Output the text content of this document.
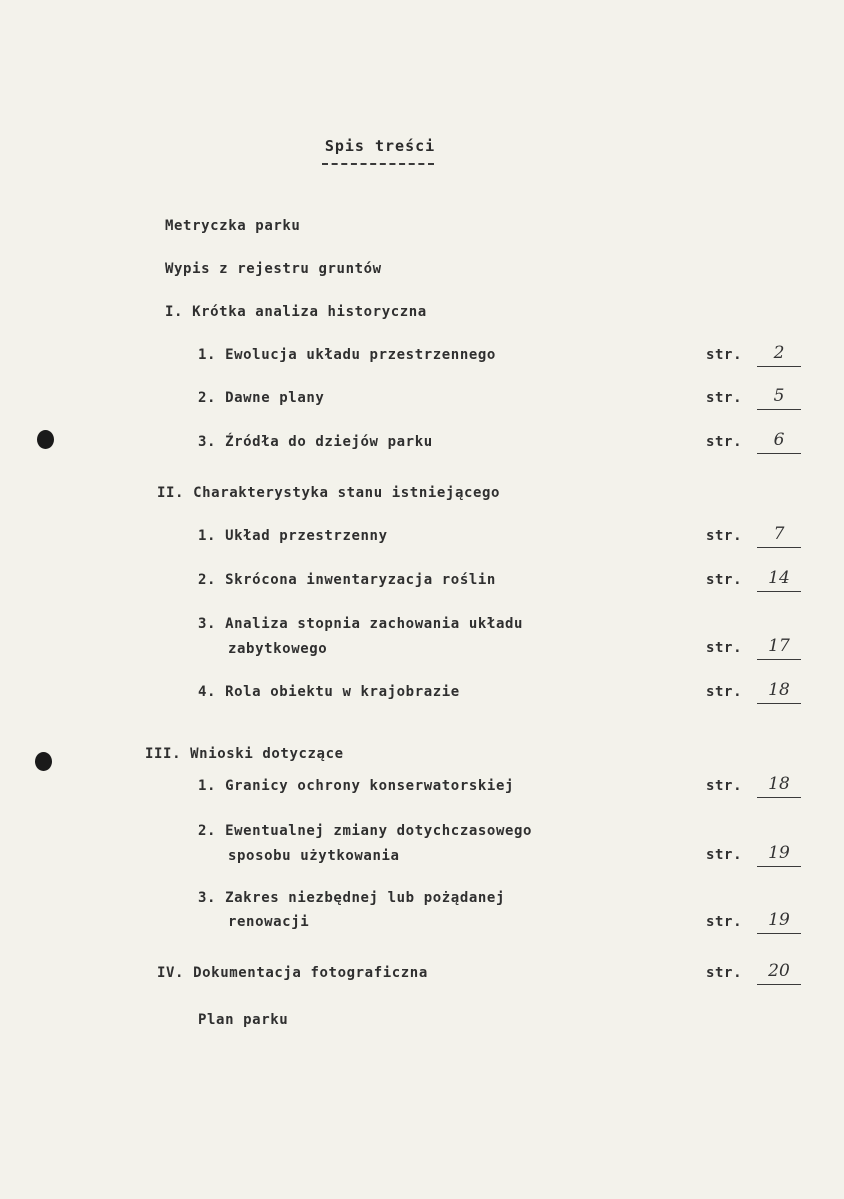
Spis treści
Metryczka parku
Wypis z rejestru gruntów
I. Krótka analiza historyczna
1. Ewolucja układu przestrzennego	str.	2
2. Dawne plany	str.	5
3. Źródła do dziejów parku	str.	6
II. Charakterystyka stanu istniejącego
1. Układ przestrzenny	str.	7
2. Skrócona inwentaryzacja roślin	str.	14
3. Analiza stopnia zachowania układu
zabytkowego	str.	17
4. Rola obiektu w krajobrazie	str.	18
III. Wnioski dotyczące
1. Granicy ochrony konserwatorskiej	str.	18
2. Ewentualnej zmiany dotychczasowego
sposobu użytkowania	str.	19
3. Zakres niezbędnej lub pożądanej
renowacji	str.	19
IV. Dokumentacja fotograficzna	str.	20
Plan parku
